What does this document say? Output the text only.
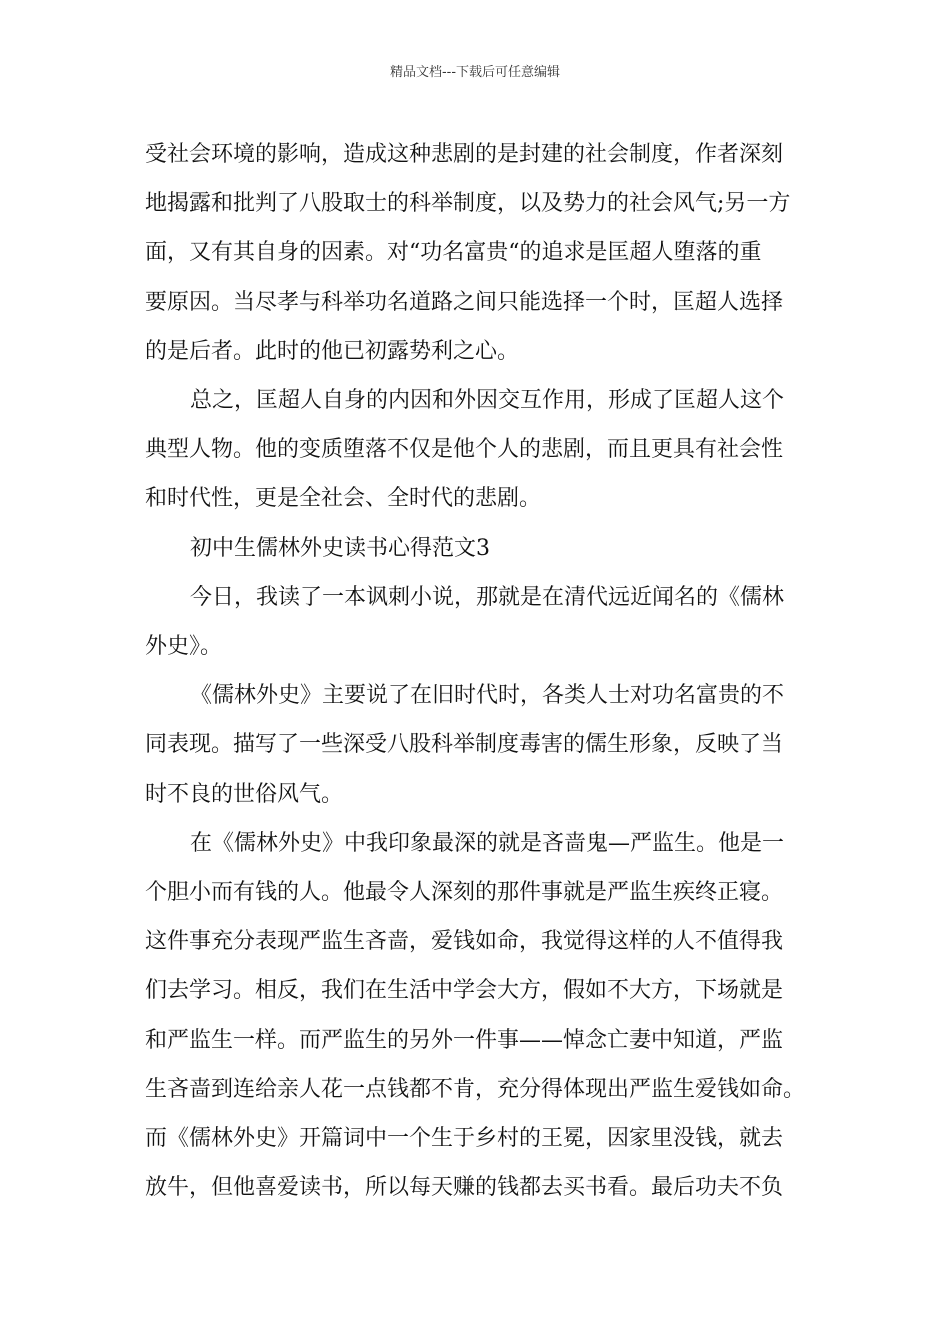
精品文档---下载后可任意编辑

受社会环境的影响，造成这种悲剧的是封建的社会制度，作者深刻
地揭露和批判了八股取士的科举制度，以及势力的社会风气;另一方
面，又有其自身的因素。对“功名富贵“的追求是匡超人堕落的重
要原因。当尽孝与科举功名道路之间只能选择一个时，匡超人选择
的是后者。此时的他已初露势利之心。

总之，匡超人自身的内因和外因交互作用，形成了匡超人这个
典型人物。他的变质堕落不仅是他个人的悲剧，而且更具有社会性
和时代性，更是全社会、全时代的悲剧。

初中生儒林外史读书心得范文3

今日，我读了一本讽刺小说，那就是在清代远近闻名的《儒林
外史》。

《儒林外史》主要说了在旧时代时，各类人士对功名富贵的不
同表现。描写了一些深受八股科举制度毒害的儒生形象，反映了当
时不良的世俗风气。

在《儒林外史》中我印象最深的就是吝啬鬼—严监生。他是一
个胆小而有钱的人。他最令人深刻的那件事就是严监生疾终正寝。
这件事充分表现严监生吝啬，爱钱如命，我觉得这样的人不值得我
们去学习。相反，我们在生活中学会大方，假如不大方，下场就是
和严监生一样。而严监生的另外一件事——悼念亡妻中知道，严监
生吝啬到连给亲人花一点钱都不肯，充分得体现出严监生爱钱如命。
而《儒林外史》开篇词中一个生于乡村的王冕，因家里没钱，就去
放牛，但他喜爱读书，所以每天赚的钱都去买书看。最后功夫不负
